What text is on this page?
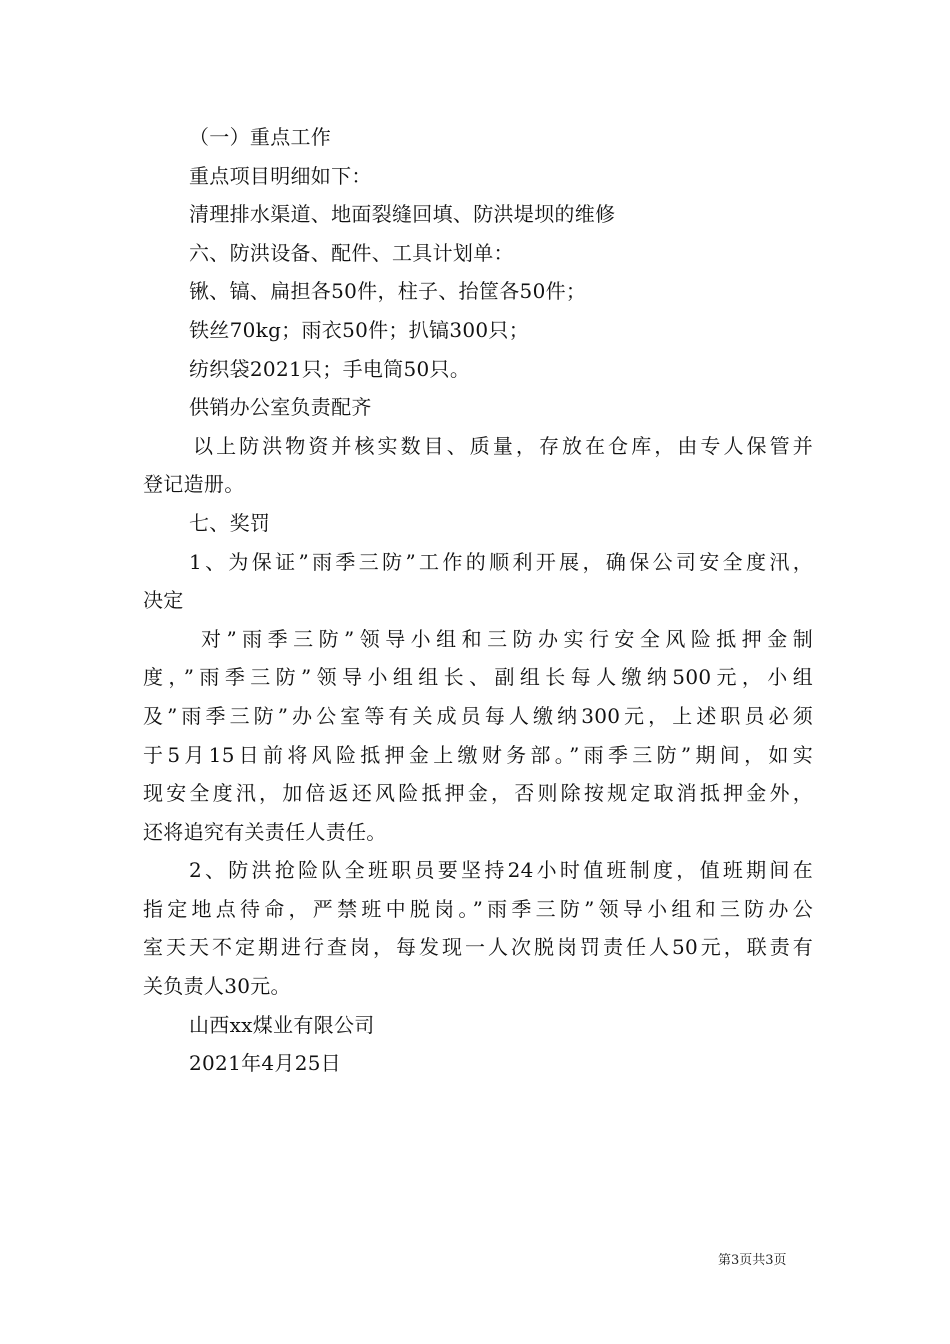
（一）重点工作
重点项目明细如下：
清理排水渠道、地面裂缝回填、防洪堤坝的维修
六、防洪设备、配件、工具计划单：
锹、镐、扁担各50件，柱子、抬筐各50件；
铁丝70kg；雨衣50件；扒镐300只；
纺织袋2021只；手电筒50只。
供销办公室负责配齐
以上防洪物资并核实数目、质量，存放在仓库，由专人保管并
登记造册。
七、奖罚
1、为保证”雨季三防”工作的顺利开展，确保公司安全度汛，
决定
对”雨季三防”领导小组和三防办实行安全风险抵押金制
度，”雨季三防”领导小组组长、副组长每人缴纳500元，小组
及”雨季三防”办公室等有关成员每人缴纳300元，上述职员必须
于5月15日前将风险抵押金上缴财务部。”雨季三防”期间，如实
现安全度汛，加倍返还风险抵押金，否则除按规定取消抵押金外，
还将追究有关责任人责任。
2、防洪抢险队全班职员要坚持24小时值班制度，值班期间在
指定地点待命，严禁班中脱岗。”雨季三防”领导小组和三防办公
室天天不定期进行查岗，每发现一人次脱岗罚责任人50元，联责有
关负责人30元。
山西xx煤业有限公司
2021年4月25日
第3页共3页
